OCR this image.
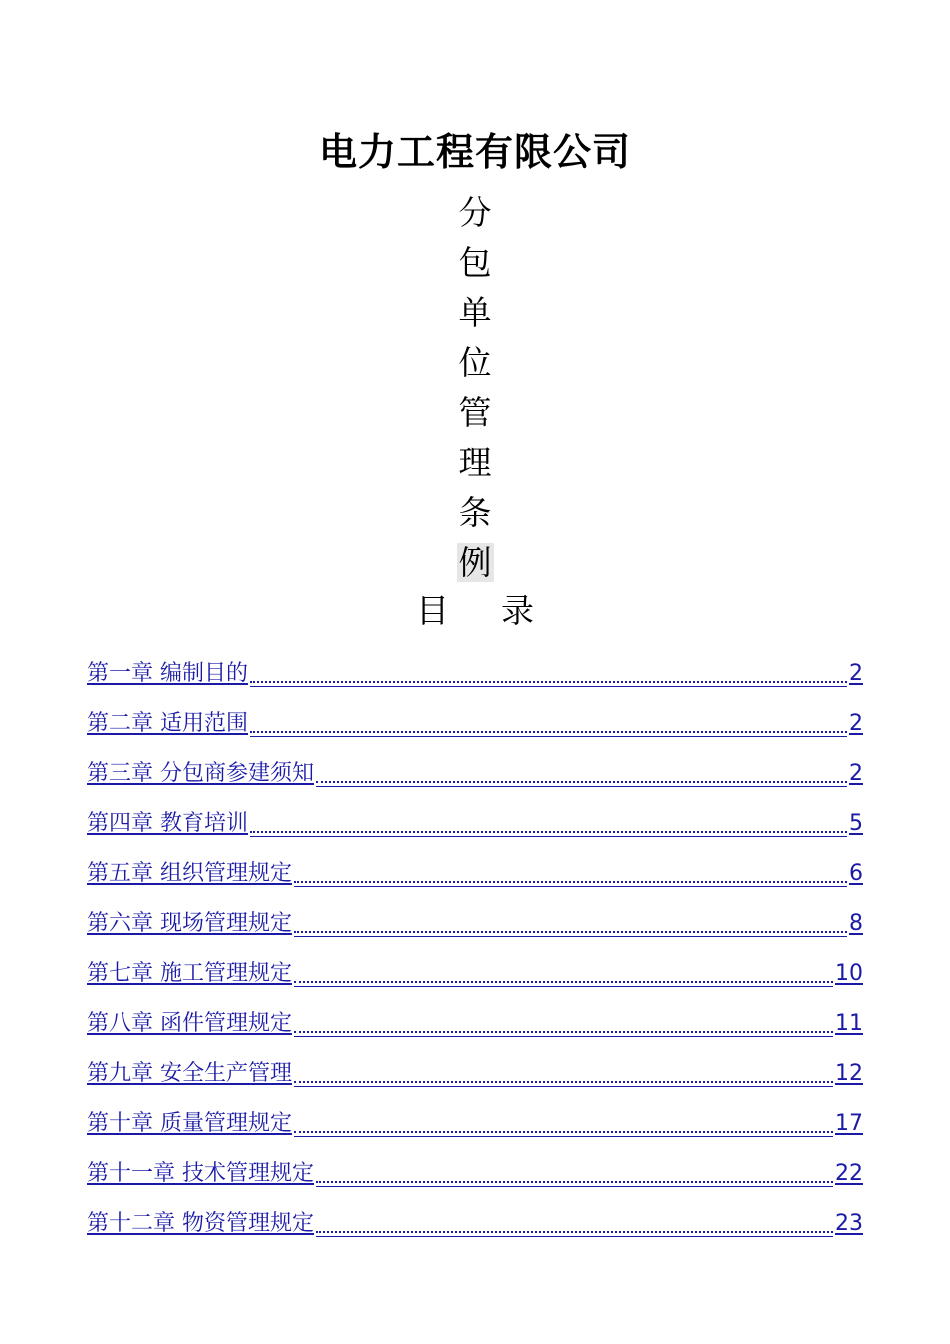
电力工程有限公司
分
包
单
位
管
理
条
例
目 录
第一章 编制目的	2
第二章 适用范围	2
第三章 分包商参建须知	2
第四章 教育培训	5
第五章 组织管理规定	6
第六章 现场管理规定	8
第七章 施工管理规定	10
第八章 函件管理规定	11
第九章 安全生产管理	12
第十章 质量管理规定	17
第十一章 技术管理规定	22
第十二章 物资管理规定	23
